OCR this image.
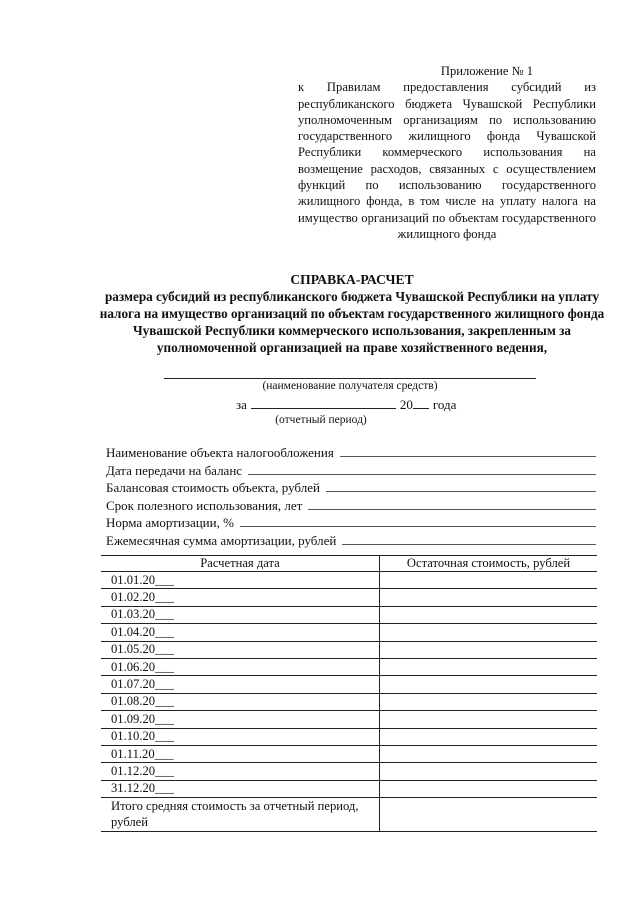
Приложение № 1
к Правилам предоставления субсидий из республиканского бюджета Чувашской Республики уполномоченным организациям по использованию государственного жилищного фонда Чувашской Республики коммерческого использования на возмещение расходов, связанных с осуществлением функций по использованию государственного жилищного фонда, в том числе на уплату налога на имущество организаций по объектам государственного жилищного фонда
СПРАВКА-РАСЧЕТ
размера субсидий из республиканского бюджета Чувашской Республики на уплату налога на имущество организаций по объектам государственного жилищного фонда Чувашской Республики коммерческого использования, закрепленным за уполномоченной организацией на праве хозяйственного ведения,
(наименование получателя средств)
за	20 года
(отчетный период)
Наименование объекта налогообложения
Дата передачи на баланс
Балансовая стоимость объекта, рублей
Срок полезного использования, лет
Норма амортизации, %
Ежемесячная сумма амортизации, рублей
Расчетная дата	Остаточная стоимость, рублей
01.01.20___	
01.02.20___	
01.03.20___	
01.04.20___	
01.05.20___	
01.06.20___	
01.07.20___	
01.08.20___	
01.09.20___	
01.10.20___	
01.11.20___	
01.12.20___	
31.12.20___	
Итого средняя стоимость за отчетный период, рублей	
